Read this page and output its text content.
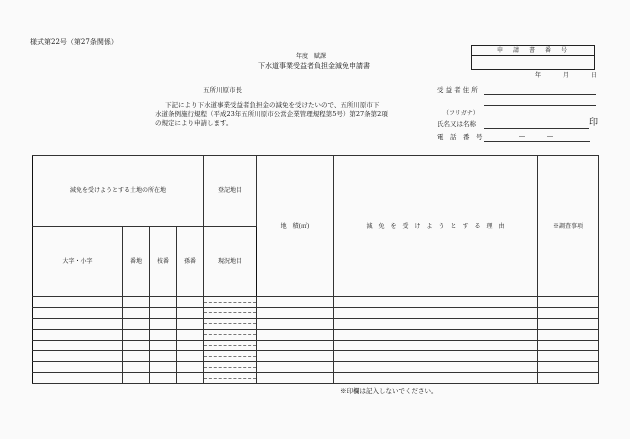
様式第22号（第27条関係）
年度　賦課
下水道事業受益者負担金減免申請書
申　請　書　番　号
年	月	日
五所川原市長
下記により下水道事業受益者負担金の減免を受けたいので、五所川原市下
水道条例施行規程（平成23年五所川原市公営企業管理規程第5号）第27条第2項
の規定により申請します。
受 益 者 住 所
（フリガナ）
氏名又は名称	印
電　話　番　号	―	―
減免を受けようとする土地の所在地				登記地目	地　積(㎡)	減　免　を　受　け　よ　う　と　す　る　理　由	※調査事項
大字・小字	番地	枝番	孫番	現況地目			

※印欄は記入しないでください。
